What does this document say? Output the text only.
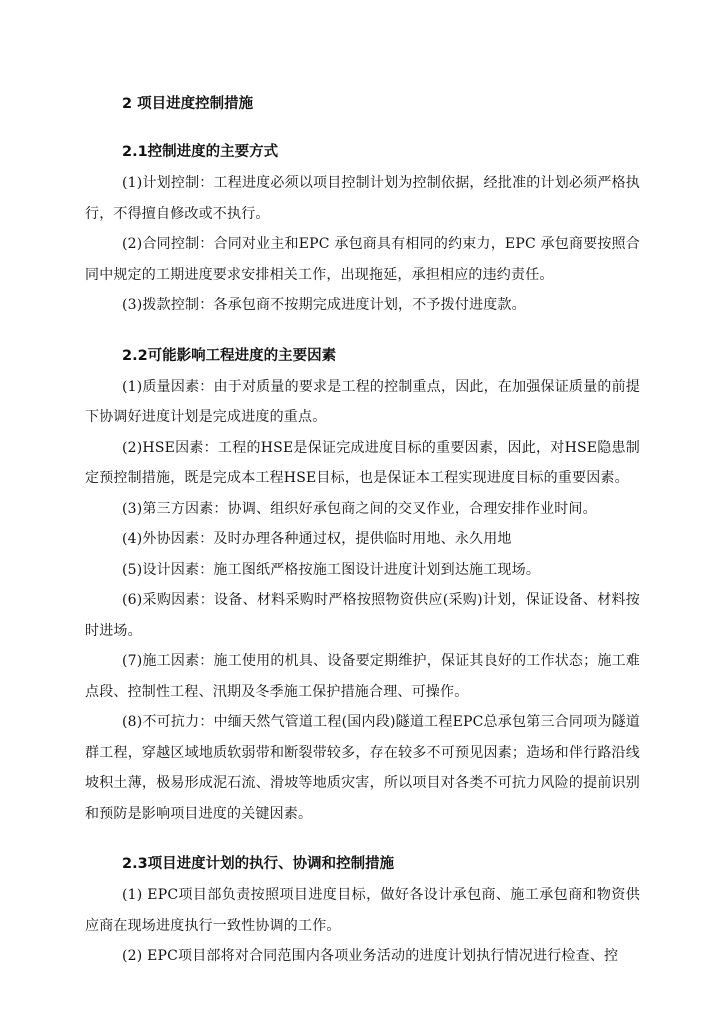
2 项目进度控制措施
2.1控制进度的主要方式

(1)计划控制：工程进度必须以项目控制计划为控制依据，经批准的计划必须严格执行，不得擅自修改或不执行。

(2)合同控制：合同对业主和EPC 承包商具有相同的约束力，EPC 承包商要按照合同中规定的工期进度要求安排相关工作，出现拖延，承担相应的违约责任。

(3)拨款控制：各承包商不按期完成进度计划，不予拨付进度款。

2.2可能影响工程进度的主要因素

(1)质量因素：由于对质量的要求是工程的控制重点，因此，在加强保证质量的前提下协调好进度计划是完成进度的重点。

(2)HSE因素：工程的HSE是保证完成进度目标的重要因素，因此，对HSE隐患制定预控制措施，既是完成本工程HSE目标，也是保证本工程实现进度目标的重要因素。

(3)第三方因素：协调、组织好承包商之间的交叉作业，合理安排作业时间。

(4)外协因素：及时办理各种通过权，提供临时用地、永久用地

(5)设计因素：施工图纸严格按施工图设计进度计划到达施工现场。

(6)采购因素：设备、材料采购时严格按照物资供应(采购)计划，保证设备、材料按时进场。

(7)施工因素：施工使用的机具、设备要定期维护，保证其良好的工作状态；施工难点段、控制性工程、汛期及冬季施工保护措施合理、可操作。

(8)不可抗力：中缅天然气管道工程(国内段)隧道工程EPC总承包第三合同项为隧道群工程，穿越区域地质软弱带和断裂带较多，存在较多不可预见因素；造场和伴行路沿线坡积土薄，极易形成泥石流、滑坡等地质灾害，所以项目对各类不可抗力风险的提前识别和预防是影响项目进度的关键因素。

2.3项目进度计划的执行、协调和控制措施

(1) EPC项目部负责按照项目进度目标，做好各设计承包商、施工承包商和物资供应商在现场进度执行一致性协调的工作。

(2) EPC项目部将对合同范围内各项业务活动的进度计划执行情况进行检查、控
